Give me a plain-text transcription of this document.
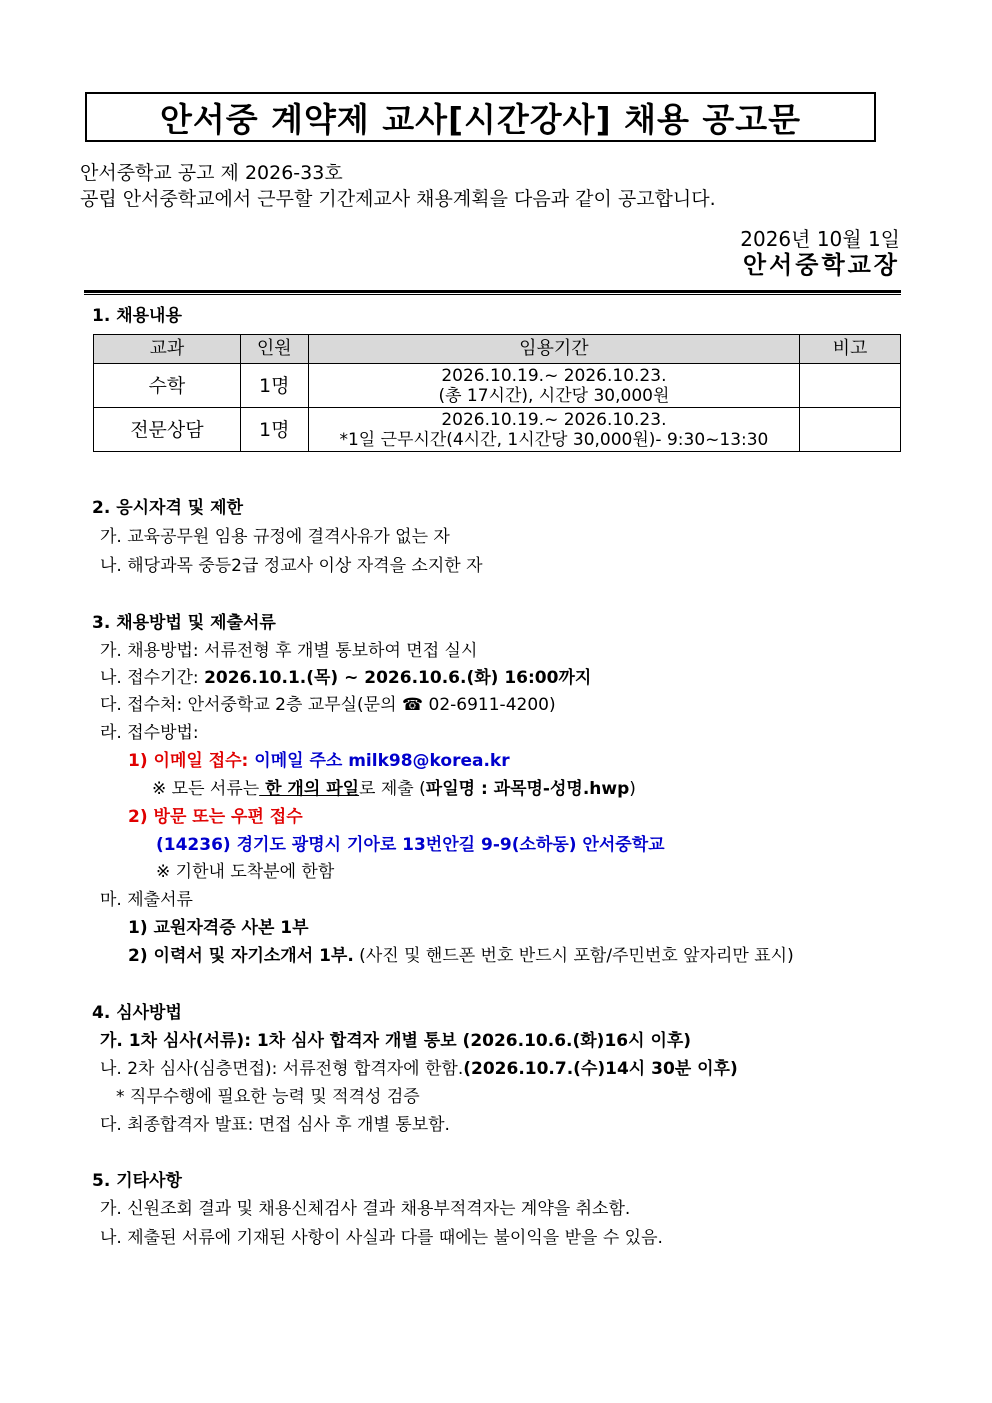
안서중 계약제 교사[시간강사] 채용 공고문
안서중학교 공고 제 2026-33호
공립 안서중학교에서 근무할 기간제교사 채용계획을 다음과 같이 공고합니다.
2026년 10월 1일
안서중학교장
1. 채용내용
교과	인원	임용기간	비고
수학	1명	2026.10.19.~ 2026.10.23.
(총 17시간), 시간당 30,000원	

전문상담	1명	2026.10.19.~ 2026.10.23.
*1일 근무시간(4시간, 1시간당 30,000원)- 9:30~13:30	

2. 응시자격 및 제한
가. 교육공무원 임용 규정에 결격사유가 없는 자
나. 해당과목 중등2급 정교사 이상 자격을 소지한 자
3. 채용방법 및 제출서류
가. 채용방법: 서류전형 후 개별 통보하여 면접 실시
나. 접수기간: 2026.10.1.(목) ~ 2026.10.6.(화) 16:00까지
다. 접수처: 안서중학교 2층 교무실(문의 ☎ 02-6911-4200)
라. 접수방법:
1) 이메일 접수: 이메일 주소 milk98@korea.kr
※ 모든 서류는 한 개의 파일로 제출 (파일명 : 과목명-성명.hwp)
2) 방문 또는 우편 접수
(14236) 경기도 광명시 기아로 13번안길 9-9(소하동) 안서중학교
※ 기한내 도착분에 한함
마. 제출서류
1) 교원자격증 사본 1부
2) 이력서 및 자기소개서 1부. (사진 및 핸드폰 번호 반드시 포함/주민번호 앞자리만 표시)
4. 심사방법
가. 1차 심사(서류): 1차 심사 합격자 개별 통보 (2026.10.6.(화)16시 이후)
나. 2차 심사(심층면접): 서류전형 합격자에 한함.(2026.10.7.(수)14시 30분 이후)
* 직무수행에 필요한 능력 및 적격성 검증
다. 최종합격자 발표: 면접 심사 후 개별 통보함.
5. 기타사항
가. 신원조회 결과 및 채용신체검사 결과 채용부적격자는 계약을 취소함.
나. 제출된 서류에 기재된 사항이 사실과 다를 때에는 불이익을 받을 수 있음.
